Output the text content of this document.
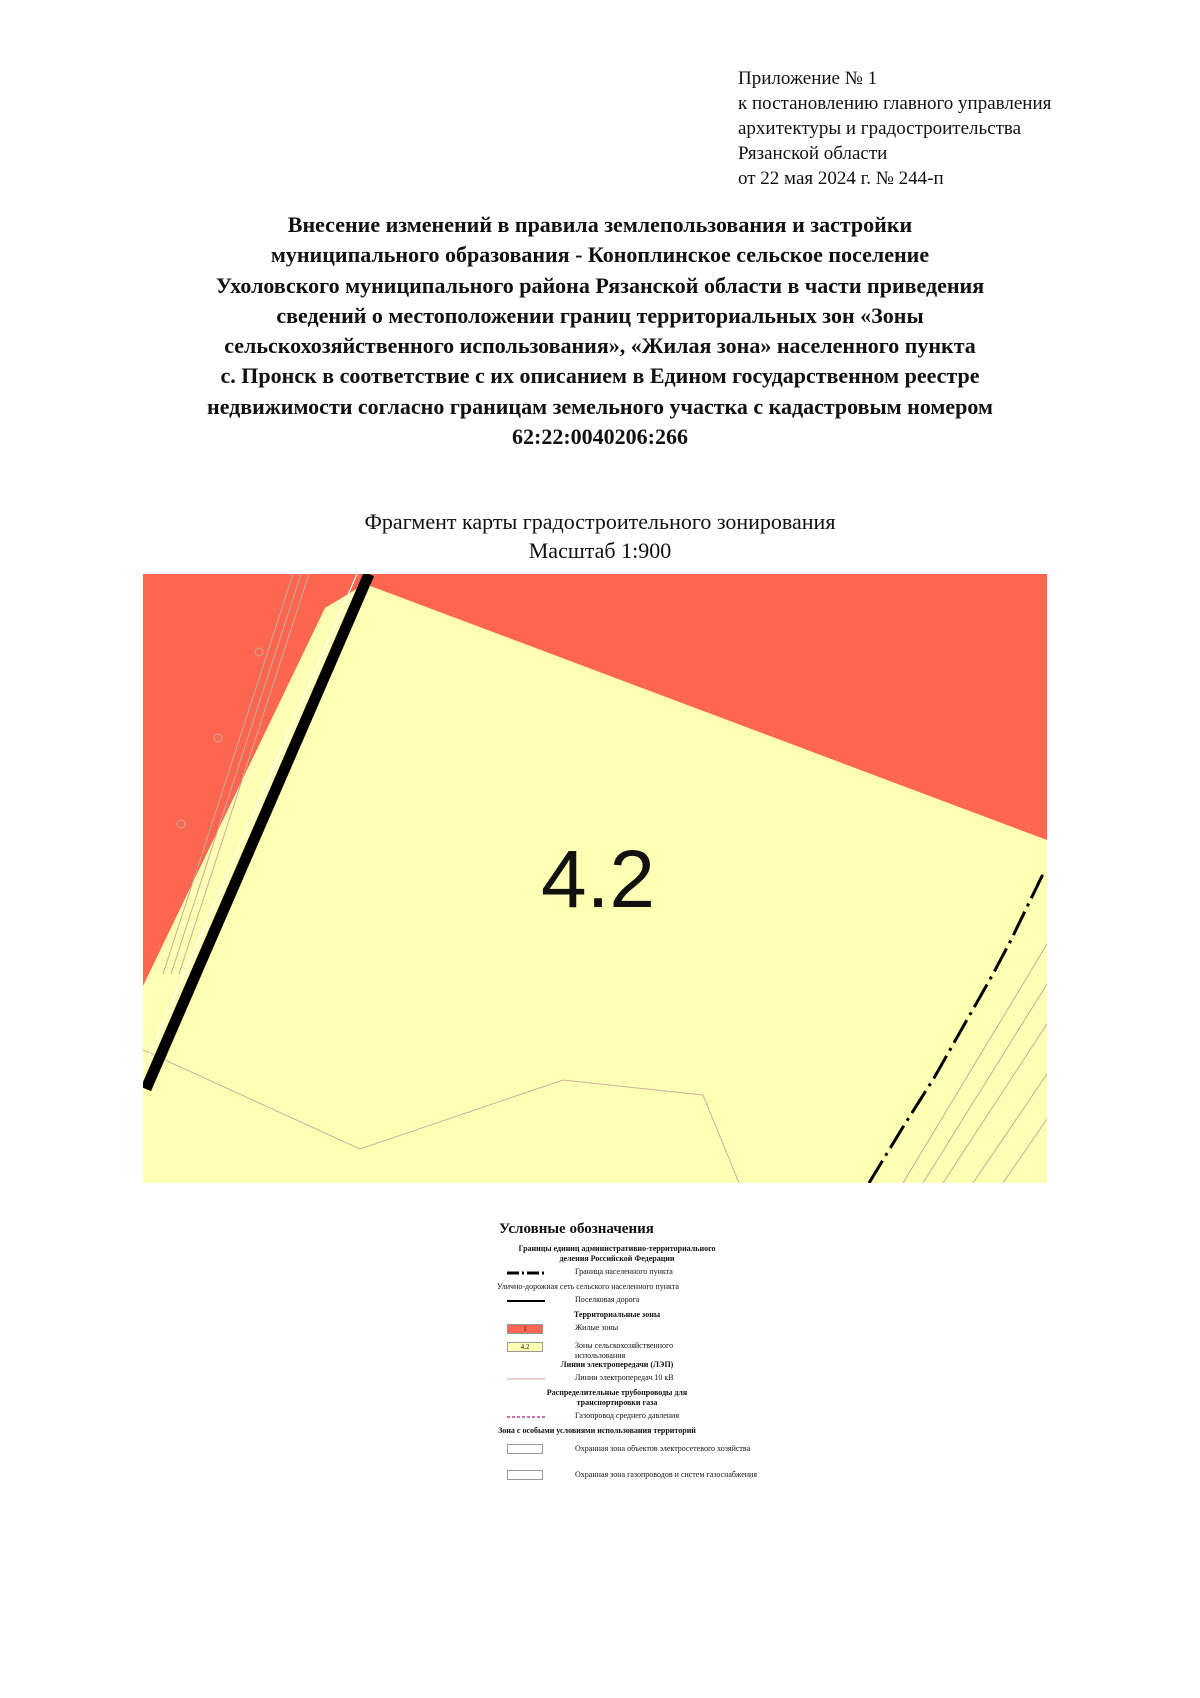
Приложение № 1
к постановлению главного управления
архитектуры и градостроительства
Рязанской области
от 22 мая 2024 г. № 244-п
Внесение изменений в правила землепользования и застройки
муниципального образования - Коноплинское сельское поселение
Ухоловского муниципального района Рязанской области в части приведения
сведений о местоположении границ территориальных зон «Зоны
сельскохозяйственного использования», «Жилая зона» населенного пункта
с. Пронск в соответствие с их описанием в Едином государственном реестре
недвижимости согласно границам земельного участка с кадастровым номером
62:22:0040206:266
Фрагмент карты градостроительного зонирования
Масштаб 1:900
4.2
Условные обозначения
Границы единиц административно-территориального деления Российской Федерации
Граница населенного пункта
Улично-дорожная сеть сельского населенного пункта
Поселковая дорога
Территориальные зоны
1	Жилые зоны
4.2	Зоны сельскохозяйственного использования
Линии электропередачи (ЛЭП)
Линии электропередач 10 кВ
Распределительные трубопроводы для транспортировки газа
Газопровод среднего давления
Зона с особыми условиями использования территорий
Охранная зона объектов электросетевого хозяйства
Охранная зона газопроводов и систем газоснабжения
